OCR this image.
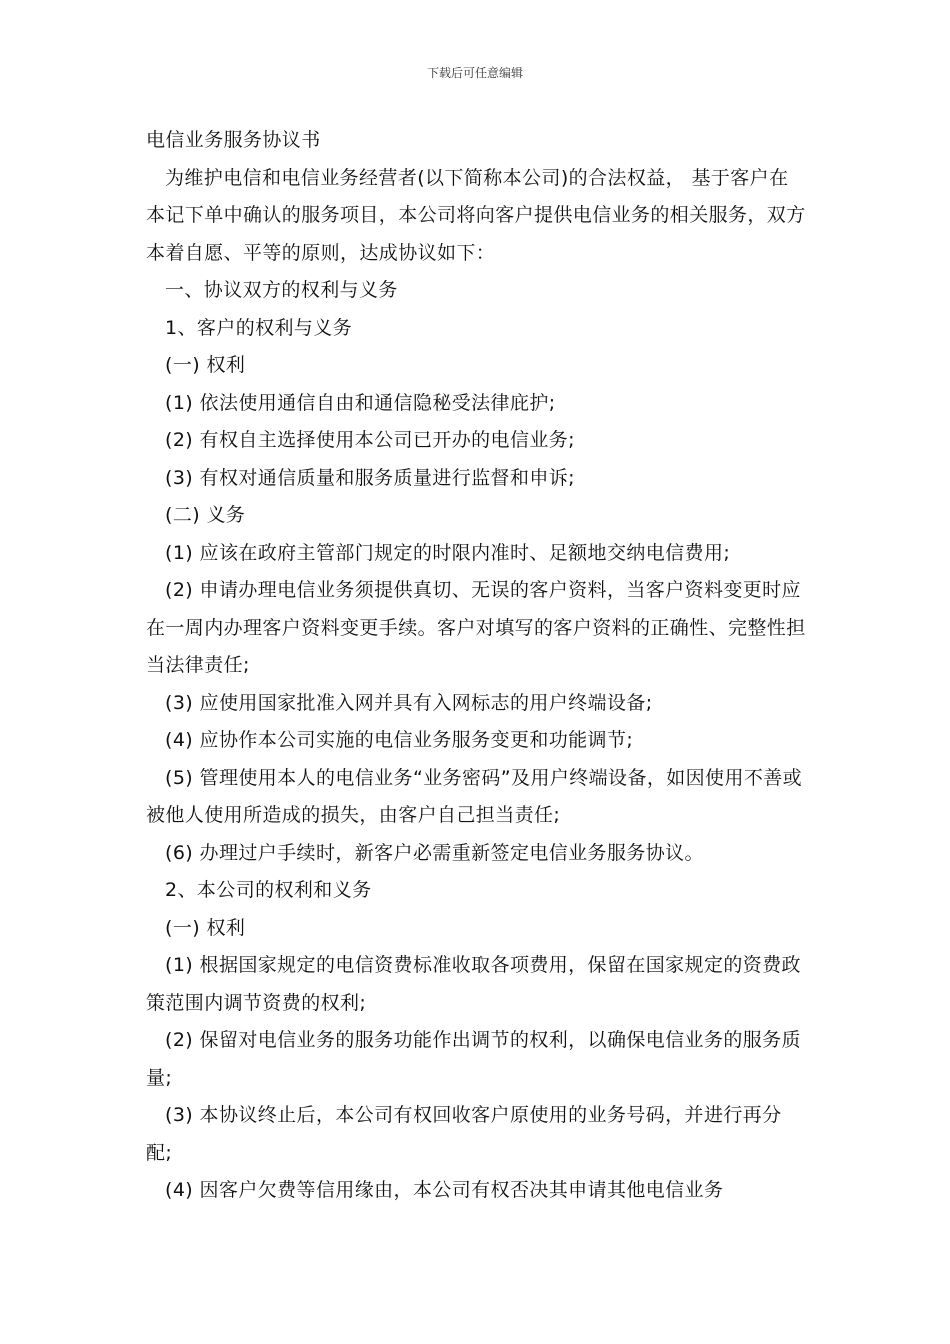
下载后可任意编辑

电信业务服务协议书

为维护电信和电信业务经营者(以下简称本公司)的合法权益， 基于客户在本记下单中确认的服务项目，本公司将向客户提供电信业务的相关服务，双方本着自愿、平等的原则，达成协议如下：

一、协议双方的权利与义务

1、客户的权利与义务

(一) 权利

(1) 依法使用通信自由和通信隐秘受法律庇护;

(2) 有权自主选择使用本公司已开办的电信业务;

(3) 有权对通信质量和服务质量进行监督和申诉;

(二) 义务

(1) 应该在政府主管部门规定的时限内准时、足额地交纳电信费用;

(2) 申请办理电信业务须提供真切、无误的客户资料，当客户资料变更时应在一周内办理客户资料变更手续。客户对填写的客户资料的正确性、完整性担当法律责任;

(3) 应使用国家批准入网并具有入网标志的用户终端设备;

(4) 应协作本公司实施的电信业务服务变更和功能调节;

(5) 管理使用本人的电信业务“业务密码”及用户终端设备，如因使用不善或被他人使用所造成的损失，由客户自己担当责任;

(6) 办理过户手续时，新客户必需重新签定电信业务服务协议。

2、本公司的权利和义务

(一) 权利

(1) 根据国家规定的电信资费标准收取各项费用，保留在国家规定的资费政策范围内调节资费的权利;

(2) 保留对电信业务的服务功能作出调节的权利，以确保电信业务的服务质量;

(3) 本协议终止后，本公司有权回收客户原使用的业务号码，并进行再分配;

(4) 因客户欠费等信用缘由，本公司有权否决其申请其他电信业务
